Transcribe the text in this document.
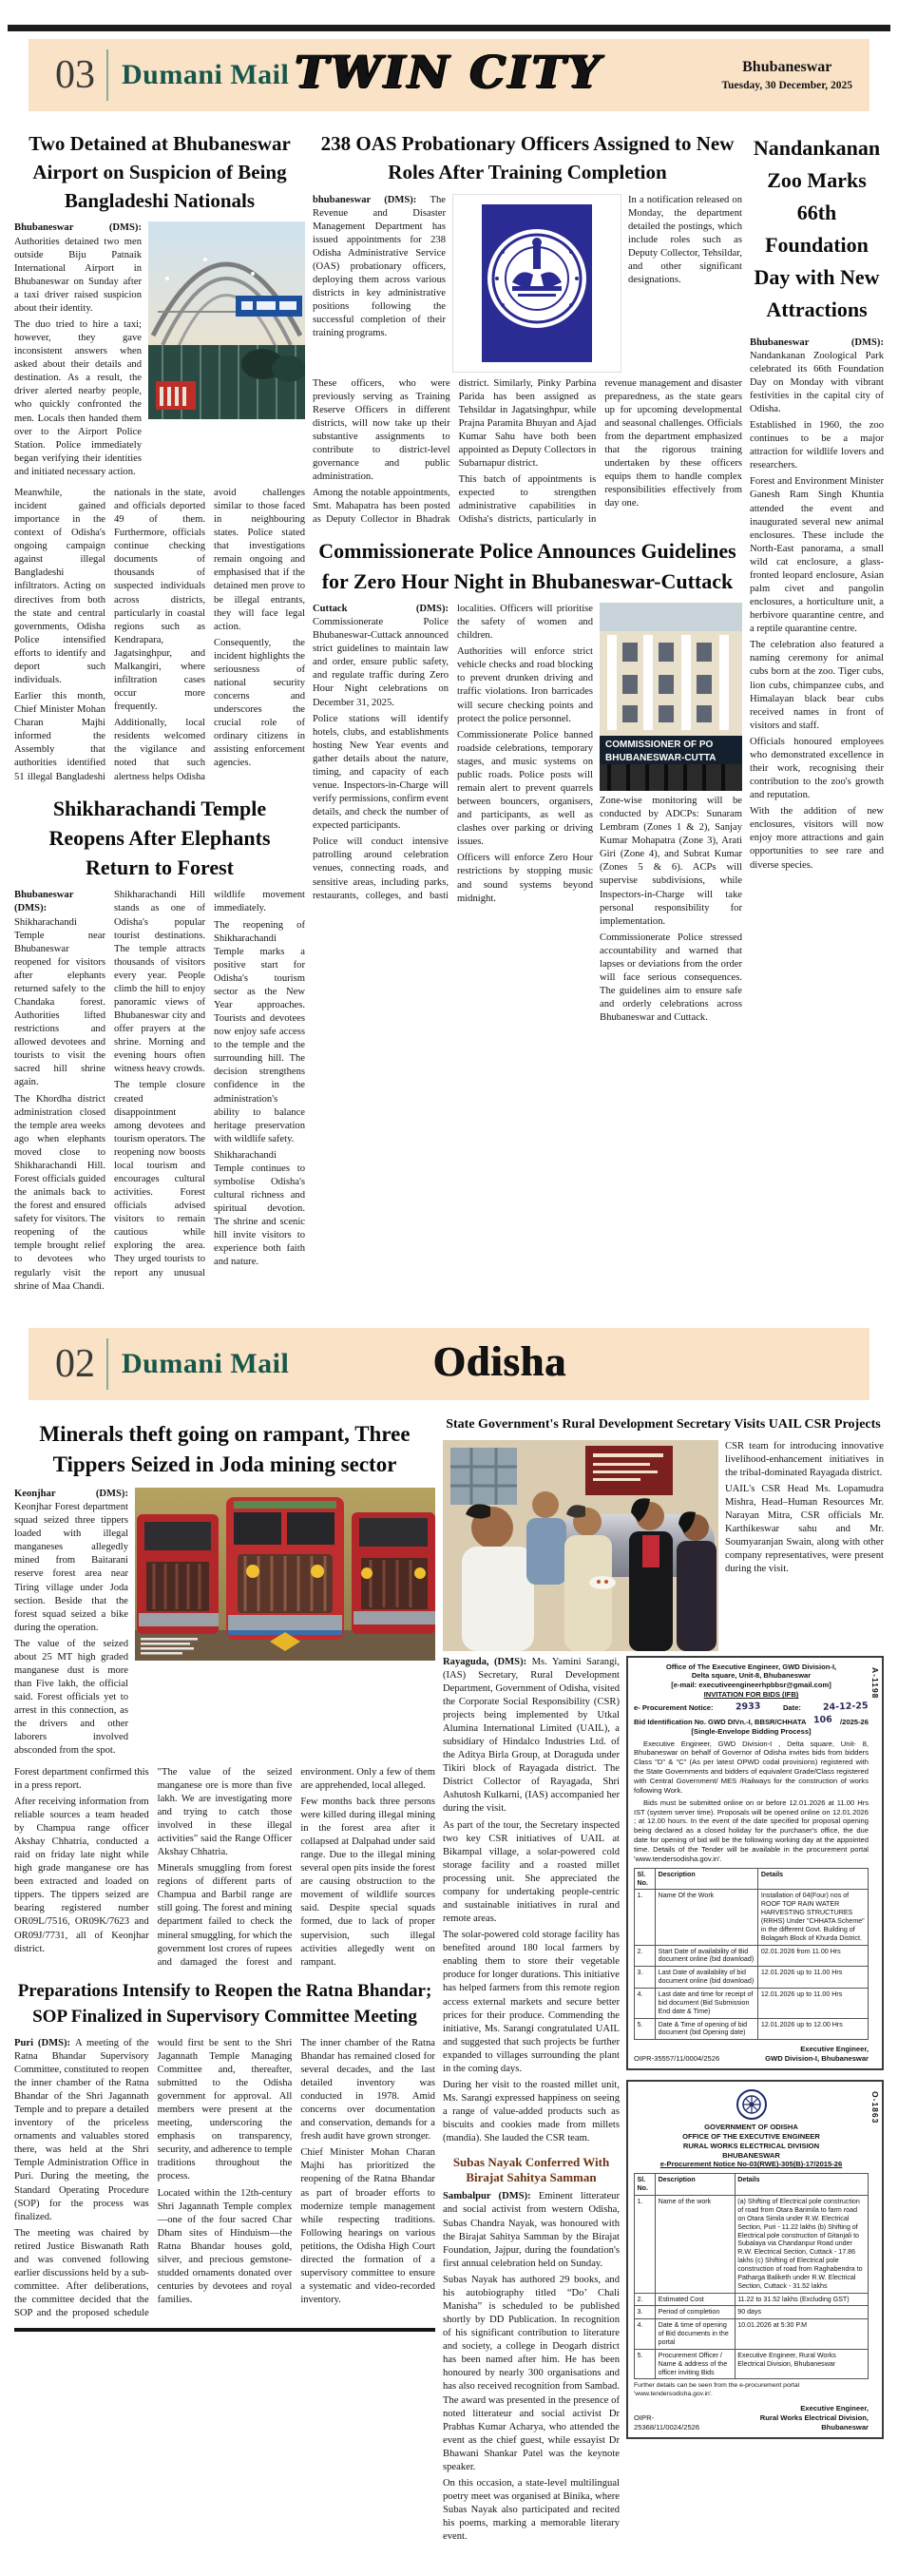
03 Dumani Mail TWIN CITY	Bhubaneswar
Tuesday, 30 December, 2025
Two Detained at Bhubaneswar Airport on Suspicion of Being Bangladeshi Nationals

Bhubaneswar (DMS): Authorities detained two men outside Biju Patnaik International Airport in Bhubaneswar on Sunday after a taxi driver raised suspicion about their identity.

The duo tried to hire a taxi; however, they gave inconsistent answers when asked about their details and destination. As a result, the driver alerted nearby people, who quickly confronted the men. Locals then handed them over to the Airport Police Station. Police immediately began verifying their identities and initiated necessary action.

Meanwhile, the incident gained importance in the context of Odisha's ongoing campaign against illegal Bangladeshi infiltrators. Acting on directives from both the state and central governments, Odisha Police intensified efforts to identify and deport such individuals.

Earlier this month, Chief Minister Mohan Charan Majhi informed the Assembly that authorities identified 51 illegal Bangladeshi nationals in the state, and officials deported 49 of them. Furthermore, officials continue checking documents of thousands of suspected individuals across districts, particularly in coastal regions such as Kendrapara, Jagatsinghpur, and Malkangiri, where infiltration cases occur more frequently.

Additionally, local residents welcomed the vigilance and noted that such alertness helps Odisha avoid challenges similar to those faced in neighbouring states. Police stated that investigations remain ongoing and emphasised that if the detained men prove to be illegal entrants, they will face legal action.

Consequently, the incident highlights the seriousness of national security concerns and underscores the crucial role of ordinary citizens in assisting enforcement agencies.

Shikharachandi Temple Reopens After Elephants Return to Forest

Bhubaneswar (DMS): Shikharachandi Temple near Bhubaneswar reopened for visitors after elephants returned safely to the Chandaka forest. Authorities lifted restrictions and allowed devotees and tourists to visit the sacred hill shrine again.

The Khordha district administration closed the temple area weeks ago when elephants moved close to Shikharachandi Hill. Forest officials guided the animals back to the forest and ensured safety for visitors. The reopening of the temple brought relief to devotees who regularly visit the shrine of Maa Chandi.

Shikharachandi Hill stands as one of Odisha's popular tourist destinations. The temple attracts thousands of visitors every year. People climb the hill to enjoy panoramic views of Bhubaneswar city and offer prayers at the shrine. Morning and evening hours often witness heavy crowds.

The temple closure created disappointment among devotees and tourism operators. The reopening now boosts local tourism and encourages cultural activities. Forest officials advised visitors to remain cautious while exploring the area. They urged tourists to report any unusual wildlife movement immediately.

The reopening of Shikharachandi Temple marks a positive start for Odisha's tourism sector as the New Year approaches. Tourists and devotees now enjoy safe access to the temple and the surrounding hill. The decision strengthens confidence in the administration's ability to balance heritage preservation with wildlife safety.

Shikharachandi Temple continues to symbolise Odisha's cultural richness and spiritual devotion. The shrine and scenic hill invite visitors to experience both faith and nature.

238 OAS Probationary Officers Assigned to New Roles After Training Completion

bhubaneswar (DMS): The Revenue and Disaster Management Department has issued appointments for 238 Odisha Administrative Service (OAS) probationary officers, deploying them across various districts in key administrative positions following the successful completion of their training programs.

In a notification released on Monday, the department detailed the postings, which include roles such as Deputy Collector, Tehsildar, and other significant designations.

These officers, who were previously serving as Training Reserve Officers in different districts, will now take up their substantive assignments to contribute to district-level governance and public administration.

Among the notable appointments, Smt. Mahapatra has been posted as Deputy Collector in Bhadrak district. Similarly, Pinky Parbina Parida has been assigned as Tehsildar in Jagatsinghpur, while Prajna Paramita Bhuyan and Ajad Kumar Sahu have both been appointed as Deputy Collectors in Subarnapur district.

This batch of appointments is expected to strengthen administrative capabilities in Odisha's districts, particularly in revenue management and disaster preparedness, as the state gears up for upcoming developmental and seasonal challenges. Officials from the department emphasized that the rigorous training undertaken by these officers equips them to handle complex responsibilities effectively from day one.

Commissionerate Police Announces Guidelines for Zero Hour Night in Bhubaneswar-Cuttack

Cuttack (DMS): Commissionerate Police Bhubaneswar-Cuttack announced strict guidelines to maintain law and order, ensure public safety, and regulate traffic during Zero Hour Night celebrations on December 31, 2025.

Police stations will identify hotels, clubs, and establishments hosting New Year events and gather details about the nature, timing, and capacity of each venue. Inspectors-in-Charge will verify permissions, confirm event details, and check the number of expected participants.

Police will conduct intensive patrolling around celebration venues, connecting roads, and sensitive areas, including parks, restaurants, colleges, and basti localities. Officers will prioritise the safety of women and children.

Authorities will enforce strict vehicle checks and road blocking to prevent drunken driving and traffic violations. Iron barricades will secure checking points and protect the police personnel.

Commissionerate Police banned roadside celebrations, temporary stages, and music systems on public roads. Police posts will remain alert to prevent quarrels between bouncers, organisers, and participants, as well as clashes over parking or driving issues.

Officers will enforce Zero Hour restrictions by stopping music and sound systems beyond midnight.

COMMISSIONER OF PO
BHUBANESWAR-CUTTA

Zone-wise monitoring will be conducted by ADCPs: Sunaram Lembram (Zones 1 & 2), Sanjay Kumar Mohapatra (Zone 3), Arati Giri (Zone 4), and Subrat Kumar (Zones 5 & 6). ACPs will supervise subdivisions, while Inspectors-in-Charge will take personal responsibility for implementation.

Commissionerate Police stressed accountability and warned that lapses or deviations from the order will face serious consequences. The guidelines aim to ensure safe and orderly celebrations across Bhubaneswar and Cuttack.

Nandankanan Zoo Marks 66th Foundation Day with New Attractions

Bhubaneswar (DMS): Nandankanan Zoological Park celebrated its 66th Foundation Day on Monday with vibrant festivities in the capital city of Odisha.

Established in 1960, the zoo continues to be a major attraction for wildlife lovers and researchers.

Forest and Environment Minister Ganesh Ram Singh Khuntia attended the event and inaugurated several new animal enclosures. These include the North-East panorama, a small wild cat enclosure, a glass-fronted leopard enclosure, Asian palm civet and pangolin enclosures, a horticulture unit, a herbivore quarantine centre, and a reptile quarantine centre.

The celebration also featured a naming ceremony for animal cubs born at the zoo. Tiger cubs, lion cubs, chimpanzee cubs, and Himalayan black bear cubs received names in front of visitors and staff.

Officials honoured employees who demonstrated excellence in their work, recognising their contribution to the zoo's growth and reputation.

With the addition of new enclosures, visitors will now enjoy more attractions and gain opportunities to see rare and diverse species.

02 Dumani Mail	Odisha
Minerals theft going on rampant, Three Tippers Seized in Joda mining sector

Keonjhar (DMS): Keonjhar Forest department squad seized three tippers loaded with illegal manganeses allegedly mined from Baitarani reserve forest area near Tiring village under Joda section. Beside that the forest squad seized a bike during the operation.

The value of the seized about 25 MT high graded manganese dust is more than Five lakh, the official said. Forest officials yet to arrest in this connection, as the drivers and other laborers involved absconded from the spot.

Forest department confirmed this in a press report.

After receiving information from reliable sources a team headed by Champua range officer Akshay Chhatria, conducted a raid on friday late night while high grade manganese ore has been extracted and loaded on tippers. The tippers seized are bearing registered number OR09L/7516, OR09K/7623 and OR09J/7731, all of Keonjhar district.

"The value of the seized manganese ore is more than five lakh. We are investigating more and trying to catch those involved in these illegal activities" said the Range Officer Akshay Chhatria.

Minerals smuggling from forest regions of different parts of Champua and Barbil range are still going. The forest and mining department failed to check the mineral smuggling, for which the government lost crores of rupees and damaged the forest and environment. Only a few of them are apprehended, local alleged.

Few months back three persons were killed during illegal mining in the forest area after it collapsed at Dalpahad under said range. Due to the illegal mining several open pits inside the forest are causing obstruction to the movement of wildlife sources said. Despite special squads formed, due to lack of proper supervision, such illegal activities allegedly went on rampant.

Preparations Intensify to Reopen the Ratna Bhandar; SOP Finalized in Supervisory Committee Meeting

Puri (DMS): A meeting of the Ratna Bhandar Supervisory Committee, constituted to reopen the inner chamber of the Ratna Bhandar of the Shri Jagannath Temple and to prepare a detailed inventory of the priceless ornaments and valuables stored there, was held at the Shri Temple Administration Office in Puri. During the meeting, the Standard Operating Procedure (SOP) for the process was finalized.

The meeting was chaired by retired Justice Biswanath Rath and was convened following earlier discussions held by a sub-committee. After deliberations, the committee decided that the SOP and the proposed schedule would first be sent to the Shri Jagannath Temple Managing Committee and, thereafter, submitted to the Odisha government for approval. All members were present at the meeting, underscoring the emphasis on transparency, security, and adherence to temple traditions throughout the process.

Located within the 12th-century Shri Jagannath Temple complex—one of the four sacred Char Dham sites of Hinduism—the Ratna Bhandar houses gold, silver, and precious gemstone-studded ornaments donated over centuries by devotees and royal families.

The inner chamber of the Ratna Bhandar has remained closed for several decades, and the last detailed inventory was conducted in 1978. Amid concerns over documentation and conservation, demands for a fresh audit have grown stronger.

Chief Minister Mohan Charan Majhi has prioritized the reopening of the Ratna Bhandar as part of broader efforts to modernize temple management while respecting traditions. Following hearings on various petitions, the Odisha High Court directed the formation of a supervisory committee to ensure a systematic and video-recorded inventory.

State Government's Rural Development Secretary Visits UAIL CSR Projects

CSR team for introducing innovative livelihood-enhancement initiatives in the tribal-dominated Rayagada district.

UAIL's CSR Head Ms. Lopamudra Mishra, Head–Human Resources Mr. Narayan Mitra, CSR officials Mr. Karthikeswar sahu and Mr. Soumyaranjan Swain, along with other company representatives, were present during the visit.

Rayaguda, (DMS): Ms. Yamini Sarangi,(IAS) Secretary, Rural Development Department, Government of Odisha, visited the Corporate Social Responsibility (CSR) projects being implemented by Utkal Alumina International Limited (UAIL), a subsidiary of Hindalco Industries Ltd. of the Aditya Birla Group, at Doraguda under Tikiri block of Rayagada district. The District Collector of Rayagada, Shri Ashutosh Kulkarni, (IAS) accompanied her during the visit.

As part of the tour, the Secretary inspected two key CSR initiatives of UAIL at Bikampal village, a solar-powered cold storage facility and a roasted millet processing unit. She appreciated the company for undertaking people-centric and sustainable initiatives in rural and remote areas.

The solar-powered cold storage facility has benefited around 180 local farmers by enabling them to store their vegetable produce for longer durations. This initiative has helped farmers from this remote region access external markets and secure better prices for their produce. Commending the initiative, Ms. Sarangi congratulated UAIL and suggested that such projects be further expanded to villages surrounding the plant in the coming days.

During her visit to the roasted millet unit, Ms. Sarangi expressed happiness on seeing a range of value-added products such as biscuits and cookies made from millets (mandia). She lauded the CSR team.

Subas Nayak Conferred With Birajat Sahitya Samman

Sambalpur (DMS): Eminent litterateur and social activist from western Odisha, Subas Chandra Nayak, was honoured with the Birajat Sahitya Samman by the Birajat Foundation, Jajpur, during the foundation's first annual celebration held on Sunday.

Subas Nayak has authored 29 books, and his autobiography titled “Do’ Chali Manisha” is scheduled to be published shortly by DD Publication. In recognition of his significant contribution to literature and society, a college in Deogarh district has been named after him. He has been honoured by nearly 300 organisations and has also received recognition from Sambad. The award was presented in the presence of noted litterateur and social activist Dr Prabhas Kumar Acharya, who attended the event as the chief guest, while essayist Dr Bhawani Shankar Patel was the keynote speaker.

On this occasion, a state-level multilingual poetry meet was organised at Binika, where Subas Nayak also participated and recited his poems, marking a memorable literary event.

A-1198
Office of The Executive Engineer, GWD Division-I,
Delta square, Unit-8, Bhubaneswar
[e-mail: executiveengineerhpbbsr@gmail.com]
INVITATION FOR BIDS (IFB)
e- Procurement Notice: 2933	Date: 24-12-25
Bid Identification No. GWD DIVn.-I, BBSR/CHHATA 106 /2025-26
[Single-Envelope Bidding Process]
Executive Engineer, GWD Division-I , Delta square, Unit- 8, Bhubaneswar on behalf of Governor of Odisha invites bids from bidders Class "D" & "C" (As per latest OPWD codal provisions) registered with the State Governments and bidders of equivalent Grade/Class registered with Central Government/ MES /Railways for the construction of works following Work.
Bids must be submitted online on or before 12.01.2026 at 11.00 Hrs IST (system server time). Proposals will be opened online on 12.01.2026 ; at 12.00 hours. In the event of the date specified for proposal opening being declared as a closed holiday for the purchaser's office, the due date for opening of bid will be the following working day at the appointed time. Details of the Tender will be available in the procurement portal 'www.tendersodisha.gov.in'.
Sl. No.	Description	Details
1.	Name Of the Work	Installation of 04(Four) nos of ROOF TOP RAIN WATER HARVESTING STRUCTURES (RRHS) Under "CHHATA Scheme" in the different Govt. Building of Bolagarh Block of Khurda District.
2.	Start Date of availability of Bid document online (bid download)	02.01.2026 from 11.00 Hrs
3.	Last Date of availability of bid document online (bid download)	12.01.2026 up to 11.00 Hrs
4.	Last date and time for receipt of bid document (Bid Submission End date & Time)	12.01.2026 up to 11.00 Hrs
5.	Date & Time of opening of bid document (bid Opening date)	12.01.2026 up to 12.00 Hrs
OIPR-35557/11/0004/2526
Executive Engineer,
GWD Division-I, Bhubaneswar
O-1863
GOVERNMENT OF ODISHA
OFFICE OF THE EXECUTIVE ENGINEER
RURAL WORKS ELECTRICAL DIVISION
BHUBANESWAR
e-Procurement Notice No-03(RWE)-305(B)-17/2015-26
Sl. No.	Description	Details
1.	Name of the work	(a) Shifting of Electrical pole construction of road from Otara Barimila to farm road on Otara Simila under R.W. Electrical Section, Puri - 11.22 lakhs (b) Shifting of Electrical pole construction of Gitanjali to Subalaya via Chandanpur Road under R.W. Electrical Section, Cuttack - 17.86 lakhs (c) Shifting of Electrical pole construction of road from Raghabendra to Patharga Baliketh under R.W. Electrical Section, Cuttack - 31.52 lakhs
2.	Estimated Cost	11.22 to 31.52 lakhs (Excluding GST)
3.	Period of completion	90 days
4.	Date & time of opening of Bid documents in the portal	10.01.2026 at 5:30 P.M
5.	Procurement Officer / Name & address of the officer inviting Bids	Executive Engineer, Rural Works Electrical Division, Bhubaneswar
Further details can be seen from the e-procurement portal 'www.tendersodisha.gov.in'.
OIPR-25368/11/0024/2526
Executive Engineer,
Rural Works Electrical Division, Bhubaneswar
